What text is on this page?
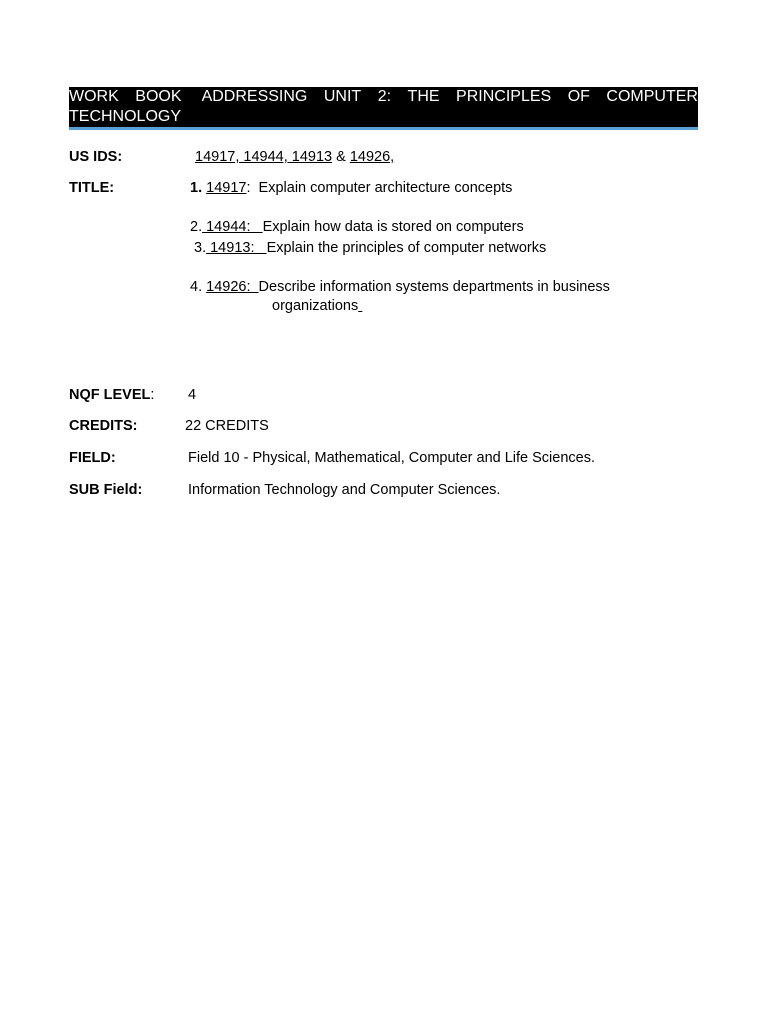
WORK BOOK ADDRESSING UNIT 2: THE PRINCIPLES OF COMPUTER
TECHNOLOGY
US IDS:	14917, 14944, 14913 & 14926,
TITLE:	1. 14917:  Explain computer architecture concepts
2. 14944:   Explain how data is stored on computers
3. 14913:   Explain the principles of computer networks
4. 14926:  Describe information systems departments in business
organizations
NQF LEVEL: 4
CREDITS:	22 CREDITS
FIELD:	Field 10 - Physical, Mathematical, Computer and Life Sciences.
SUB Field:	Information Technology and Computer Sciences.
